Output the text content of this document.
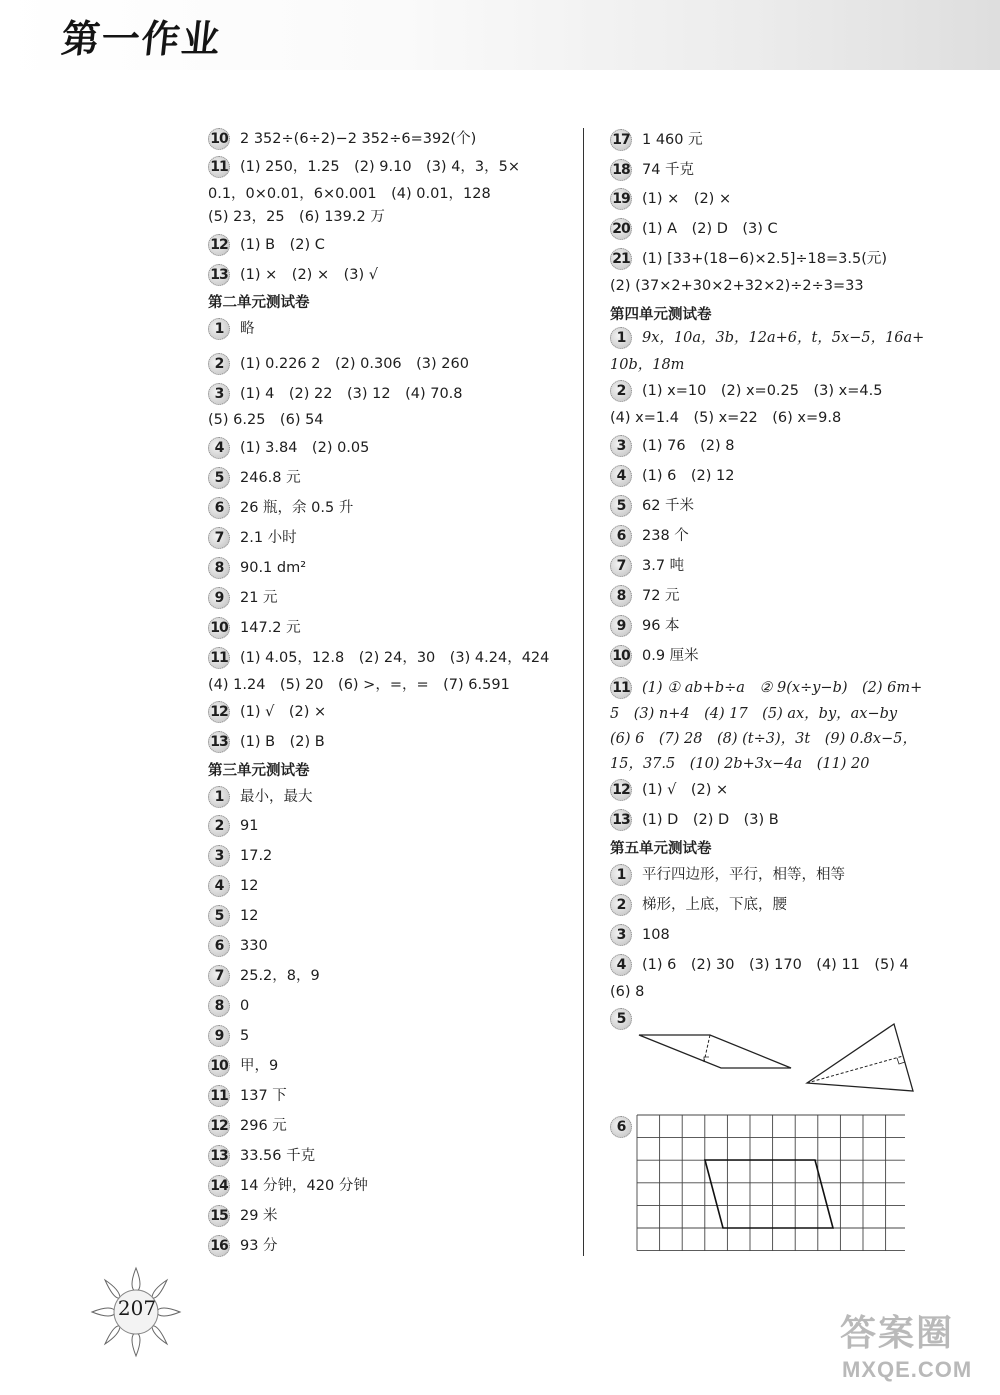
第一作业
10 2 352÷(6÷2)−2 352÷6=392(个)
11 (1) 250，1.25　(2) 9.10　(3) 4，3，5×
0.1，0×0.01，6×0.001　(4) 0.01，128
(5) 23，25　(6) 139.2 万
12 (1) B　(2) C
13 (1) ×　(2) ×　(3) √
第二单元测试卷
1 略
2 (1) 0.226 2　(2) 0.306　(3) 260
3 (1) 4　(2) 22　(3) 12　(4) 70.8
(5) 6.25　(6) 54
4 (1) 3.84　(2) 0.05
5 246.8 元
6 26 瓶，余 0.5 升
7 2.1 小时
8 90.1 dm²
9 21 元
10 147.2 元
11 (1) 4.05，12.8　(2) 24，30　(3) 4.24，424
(4) 1.24　(5) 20　(6) >，=，=　(7) 6.591
12 (1) √　(2) ×
13 (1) B　(2) B
第三单元测试卷
1 最小，最大
2 91
3 17.2
4 12
5 12
6 330
7 25.2，8，9
8 0
9 5
10 甲，9
11 137 下
12 296 元
13 33.56 千克
14 14 分钟，420 分钟
15 29 米
16 93 分
17 1 460 元
18 74 千克
19 (1) ×　(2) ×
20 (1) A　(2) D　(3) C
21 (1) [33+(18−6)×2.5]÷18=3.5(元)
(2) (37×2+30×2+32×2)÷2÷3=33
第四单元测试卷
1 9x，10a，3b，12a+6，t，5x−5，16a+
10b，18m
2 (1) x=10　(2) x=0.25　(3) x=4.5
(4) x=1.4　(5) x=22　(6) x=9.8
3 (1) 76　(2) 8
4 (1) 6　(2) 12
5 62 千米
6 238 个
7 3.7 吨
8 72 元
9 96 本
10 0.9 厘米
11 (1) ① ab+b÷a　② 9(x÷y−b)　(2) 6m+
5　(3) n+4　(4) 17　(5) ax，by，ax−by
(6) 6　(7) 28　(8) (t÷3)，3t　(9) 0.8x−5，
15，37.5　(10) 2b+3x−4a　(11) 20
12 (1) √　(2) ×
13 (1) D　(2) D　(3) B
第五单元测试卷
1 平行四边形，平行，相等，相等
2 梯形，上底，下底，腰
3 108
4 (1) 6　(2) 30　(3) 170　(4) 11　(5) 4
(6) 8
5
6
207
答案圈
MXQE.COM
